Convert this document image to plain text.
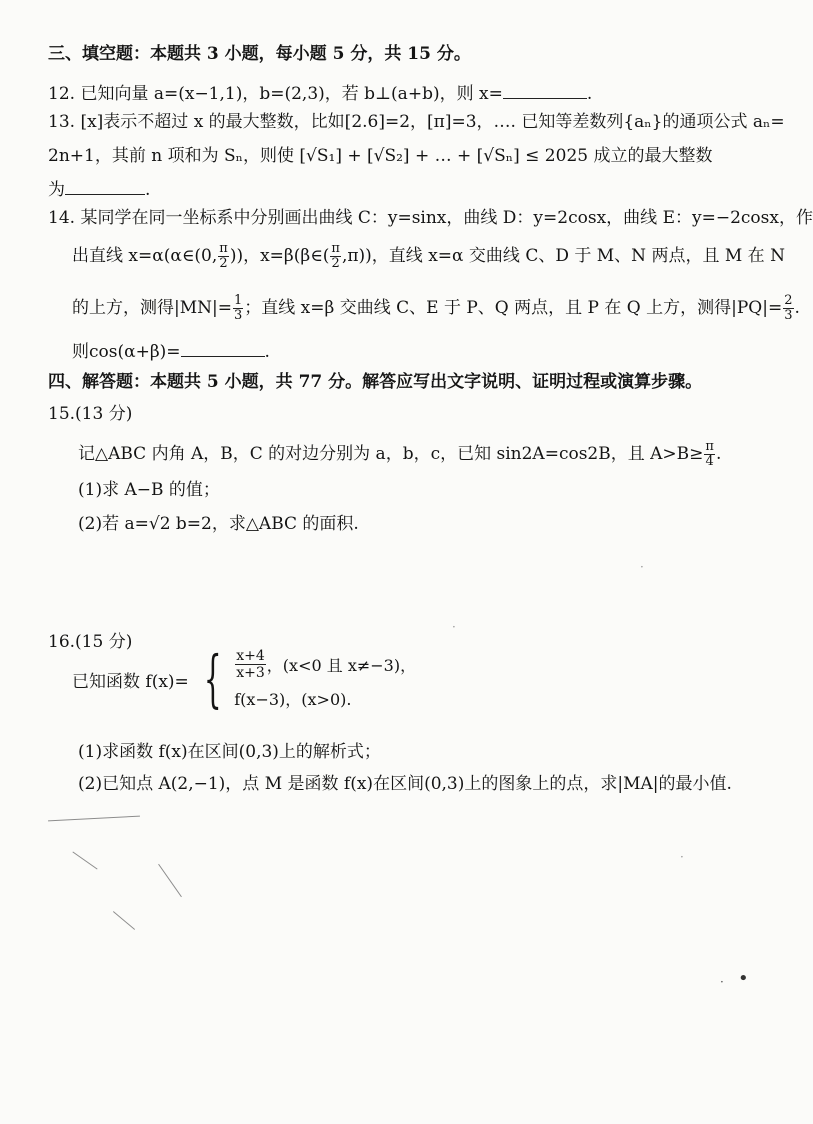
三、填空题：本题共 3 小题，每小题 5 分，共 15 分。
12. 已知向量 a=(x−1,1)，b=(2,3)，若 b⊥(a+b)，则 x=	.
13. [x]表示不超过 x 的最大整数，比如[2.6]=2，[π]=3，…. 已知等差数列{aₙ}的通项公式 aₙ=
2n+1，其前 n 项和为 Sₙ，则使 [√S₁] + [√S₂] + … + [√Sₙ] ≤ 2025 成立的最大整数
为	.
14. 某同学在同一坐标系中分别画出曲线 C：y=sinx，曲线 D：y=2cosx，曲线 E：y=−2cosx，作
出直线 x=α(α∈(0, $\frac{\pi}{2}$ ))，x=β(β∈( $\frac{\pi}{2} ,\pi$))，直线 x=α 交曲线 C、D 于 M、N 两点，且 M 在 N
的上方，测得$|MN|= \frac{1}{3}$ ；直线 x=β 交曲线 C、E 于 P、Q 两点，且 P 在 Q 上方，测得$|PQ|= \frac{2}{3}$ .
则cos(α+β)=	.
四、解答题：本题共 5 小题，共 77 分。解答应写出文字说明、证明过程或演算步骤。
15.(13 分)
记△ABC 内角 A，B，C 的对边分别为 a，b，c，已知 sin2A=cos2B，且 $A>B\ge \frac{\pi}{4}$ .
(1)求 A−B 的值；
(2)若 a=√2 b=2，求△ABC 的面积.
16.(15 分)
已知函数 f(x)= { $\frac{x+4}{x+3}$ ，(x<0 且 x≠−3)，
f(x−3)，(x>0).
(1)求函数 f(x)在区间(0,3)上的解析式；
(2)已知点 A(2,−1)，点 M 是函数 f(x)在区间(0,3)上的图象上的点，求|MA|的最小值.
•
·
·
·
·
